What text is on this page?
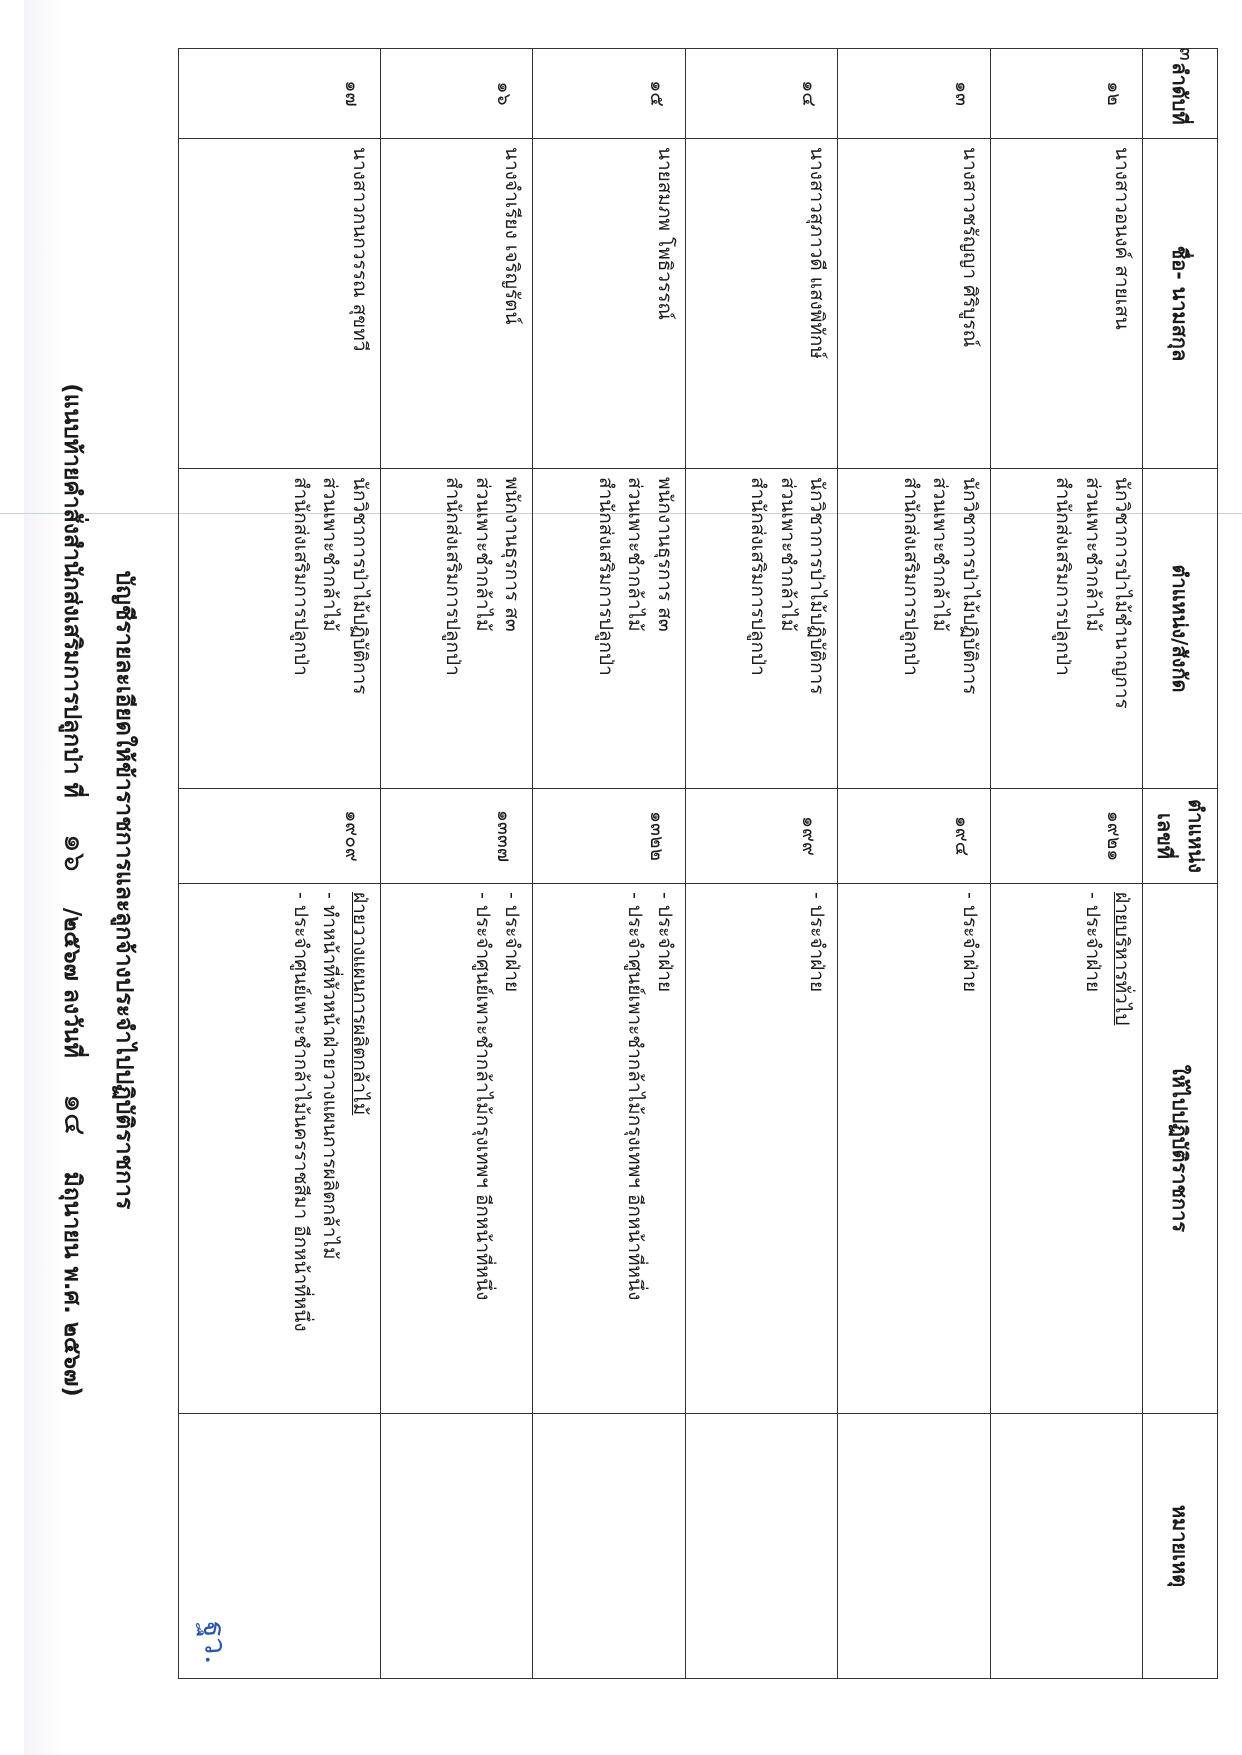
๓
บัญชีรายละเอียดให้ข้าราชการและลูกจ้างประจำไปปฏิบัติราชการ
(แนบท้ายคำสั่งสำนักส่งเสริมการปลูกป่า ที่ ๑๖ /๒๕๖๗ ลงวันที่ ๑๔ มิถุนายน พ.ศ. ๒๕๖๗)
ลำดับที่	ชื่อ- นามสกุล	ตำแหน่ง/สังกัด	ตำแหน่ง เลขที่	ให้ไปปฏิบัติราชการ	หมายเหตุ
๑๒	นางสาวอนงค์ สายเสน	นักวิชาการป่าไม้ชำนาญการ
ส่วนเพาะชำกล้าไม้
สำนักส่งเสริมการปลูกป่า	๑๙๒๑	ฝ่ายบริหารทั่วไป
- ประจำฝ่าย	

๑๓	นางสาวชรัญญา ศิริบูรณ์	นักวิชาการป่าไม้ปฏิบัติการ
ส่วนเพาะชำกล้าไม้
สำนักส่งเสริมการปลูกป่า	๑๙๔	- ประจำฝ่าย	

๑๔	นางสาวสุภาวดี แสงพิทักษ์	นักวิชาการป่าไม้ปฏิบัติการ
ส่วนเพาะชำกล้าไม้
สำนักส่งเสริมการปลูกป่า	๑๙๙	- ประจำฝ่าย	

๑๕	นายสมภพ โพธิวรรณ์	พนักงานธุรการ ส๓
ส่วนเพาะชำกล้าไม้
สำนักส่งเสริมการปลูกป่า	๑๓๒๒	- ประจำฝ่าย
- ประจำศูนย์เพาะชำกล้าไม้กรุงเทพฯ อีกหน้าที่หนึ่ง	

๑๖	นางจำเรียง เจริญรัตน์	พนักงานธุรการ ส๓
ส่วนเพาะชำกล้าไม้
สำนักส่งเสริมการปลูกป่า	๑๓๓๗	- ประจำฝ่าย
- ประจำศูนย์เพาะชำกล้าไม้กรุงเทพฯ อีกหน้าที่หนึ่ง	

๑๗	นางสาวกนกวรรณ สุขทวี	นักวิชาการป่าไม้ปฏิบัติการ
ส่วนเพาะชำกล้าไม้
สำนักส่งเสริมการปลูกป่า	๑๙๐๙	ฝ่ายวางแผนการผลิตกล้าไม้
- ทำหน้าที่หัวหน้าฝ่ายวางแผนการผลิตกล้าไม้
- ประจำศูนย์เพาะชำกล้าไม้นครราชสีมา อีกหน้าที่หนึ่ง	ฐว.
